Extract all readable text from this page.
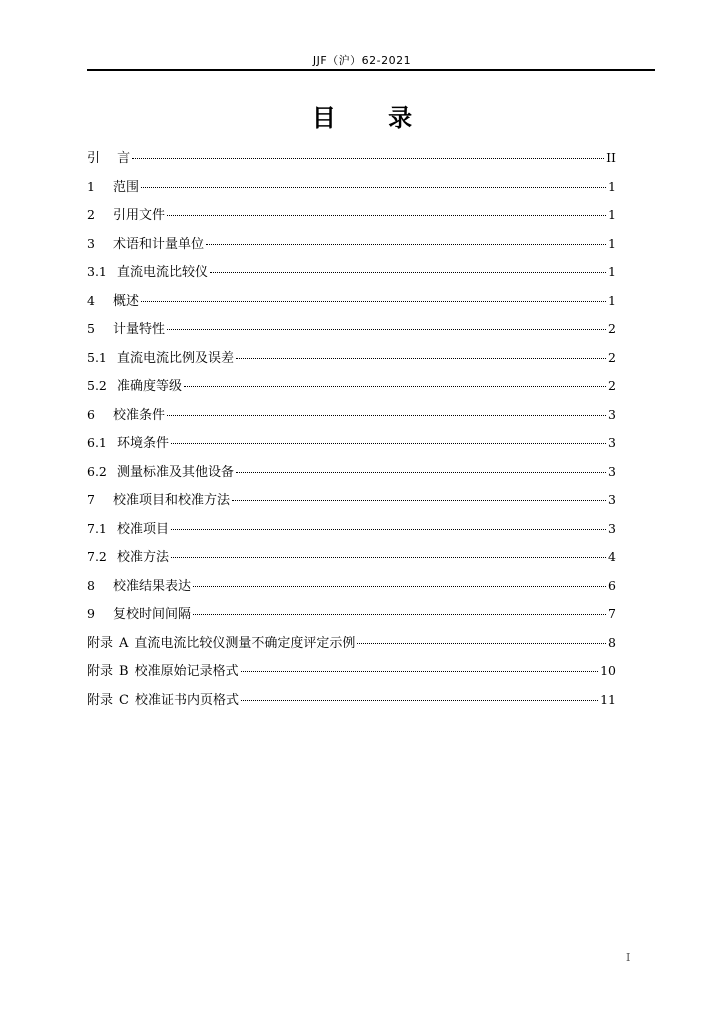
JJF（沪）62-2021
目 录
引　 言	II
1	范围	1
2	引用文件	1
3	术语和计量单位	1
3.1 直流电流比较仪	1
4	概述	1
5	计量特性	2
5.1 直流电流比例及误差	2
5.2 准确度等级	2
6	校准条件	3
6.1 环境条件	3
6.2 测量标准及其他设备	3
7	校准项目和校准方法	3
7.1 校准项目	3
7.2 校准方法	4
8	校准结果表达	6
9	复校时间间隔	7
附录 A 直流电流比较仪测量不确定度评定示例	8
附录 B 校准原始记录格式	10
附录 C 校准证书内页格式	11
I
